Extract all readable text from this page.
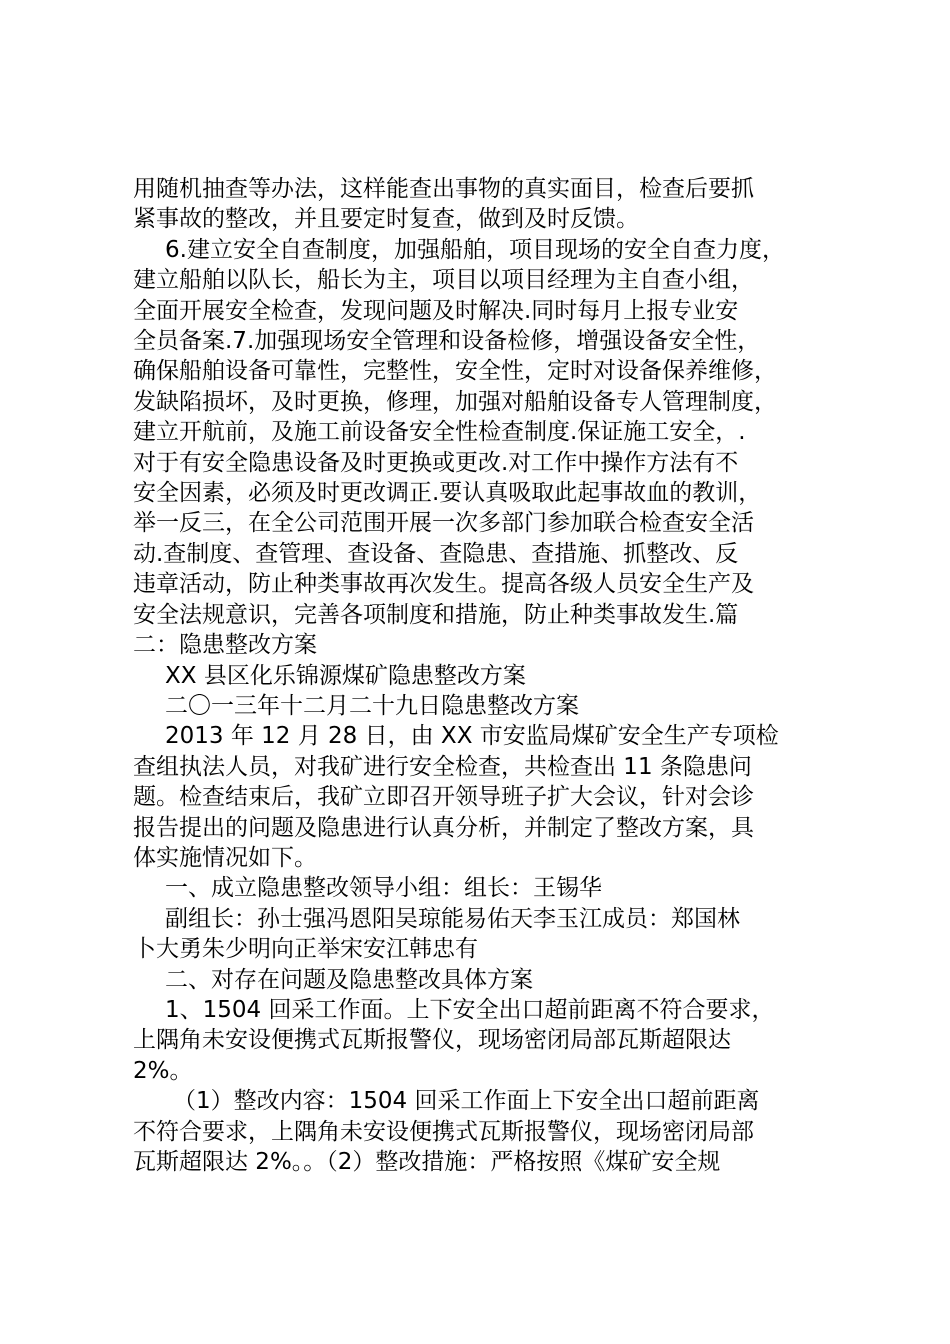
用随机抽查等办法，这样能查出事物的真实面目，检查后要抓
紧事故的整改，并且要定时复查，做到及时反馈。
6.建立安全自查制度，加强船舶，项目现场的安全自查力度，
建立船舶以队长，船长为主，项目以项目经理为主自查小组，
全面开展安全检查，发现问题及时解决.同时每月上报专业安
全员备案.7.加强现场安全管理和设备检修，增强设备安全性，
确保船舶设备可靠性，完整性，安全性，定时对设备保养维修，
发缺陷损坏，及时更换，修理，加强对船舶设备专人管理制度，
建立开航前，及施工前设备安全性检查制度.保证施工安全，.
对于有安全隐患设备及时更换或更改.对工作中操作方法有不
安全因素，必须及时更改调正.要认真吸取此起事故血的教训，
举一反三，在全公司范围开展一次多部门参加联合检查安全活
动.查制度、查管理、查设备、查隐患、查措施、抓整改、反
违章活动，防止种类事故再次发生。提高各级人员安全生产及
安全法规意识，完善各项制度和措施，防止种类事故发生.篇
二：隐患整改方案
XX 县区化乐锦源煤矿隐患整改方案
二〇一三年十二月二十九日隐患整改方案
2013 年 12 月 28 日，由 XX 市安监局煤矿安全生产专项检
查组执法人员，对我矿进行安全检查，共检查出 11 条隐患问
题。检查结束后，我矿立即召开领导班子扩大会议，针对会诊
报告提出的问题及隐患进行认真分析，并制定了整改方案，具
体实施情况如下。
一、成立隐患整改领导小组：组长：王锡华
副组长：孙士强冯恩阳吴琼能易佑天李玉江成员：郑国林
卜大勇朱少明向正举宋安江韩忠有
二、对存在问题及隐患整改具体方案
1、1504 回采工作面。上下安全出口超前距离不符合要求，
上隅角未安设便携式瓦斯报警仪，现场密闭局部瓦斯超限达
2%。
（1）整改内容：1504 回采工作面上下安全出口超前距离
不符合要求，上隅角未安设便携式瓦斯报警仪，现场密闭局部
瓦斯超限达 2%。。（2）整改措施：严格按照《煤矿安全规
